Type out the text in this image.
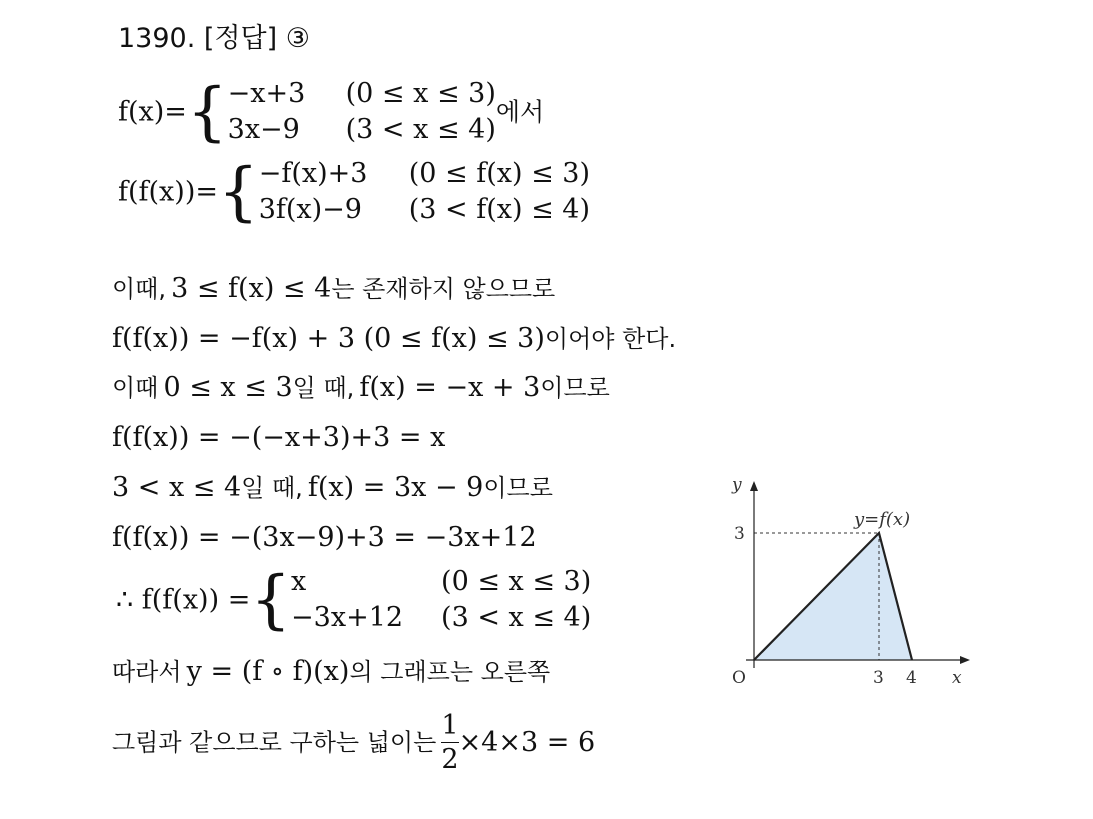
1390. [정답] ③
f(x)={ −x+3 (0 ≤ x ≤ 3)
3x−9 (3 < x ≤ 4)
에서
f(f(x))={ −f(x)+3 (0 ≤ f(x) ≤ 3)
3f(x)−9 (3 < f(x) ≤ 4)
이때, 3 ≤ f(x) ≤ 4는 존재하지 않으므로
f(f(x)) = −f(x) + 3 (0 ≤ f(x) ≤ 3)이어야 한다.
이때 0 ≤ x ≤ 3일 때, f(x) = −x + 3이므로
f(f(x)) = −(−x+3)+3 = x
3 < x ≤ 4일 때, f(x) = 3x − 9이므로
f(f(x)) = −(3x−9)+3 = −3x+12
∴ f(f(x)) ={ x	(0 ≤ x ≤ 3)
−3x+12 (3 < x ≤ 4)
따라서 y = (f ∘ f)(x)의 그래프는 오른쪽
그림과 같으므로 구하는 넓이는 $\frac{1}{2} \times 4\times 3 = 6$
y
3
y=f(x)
O	3 4 x
